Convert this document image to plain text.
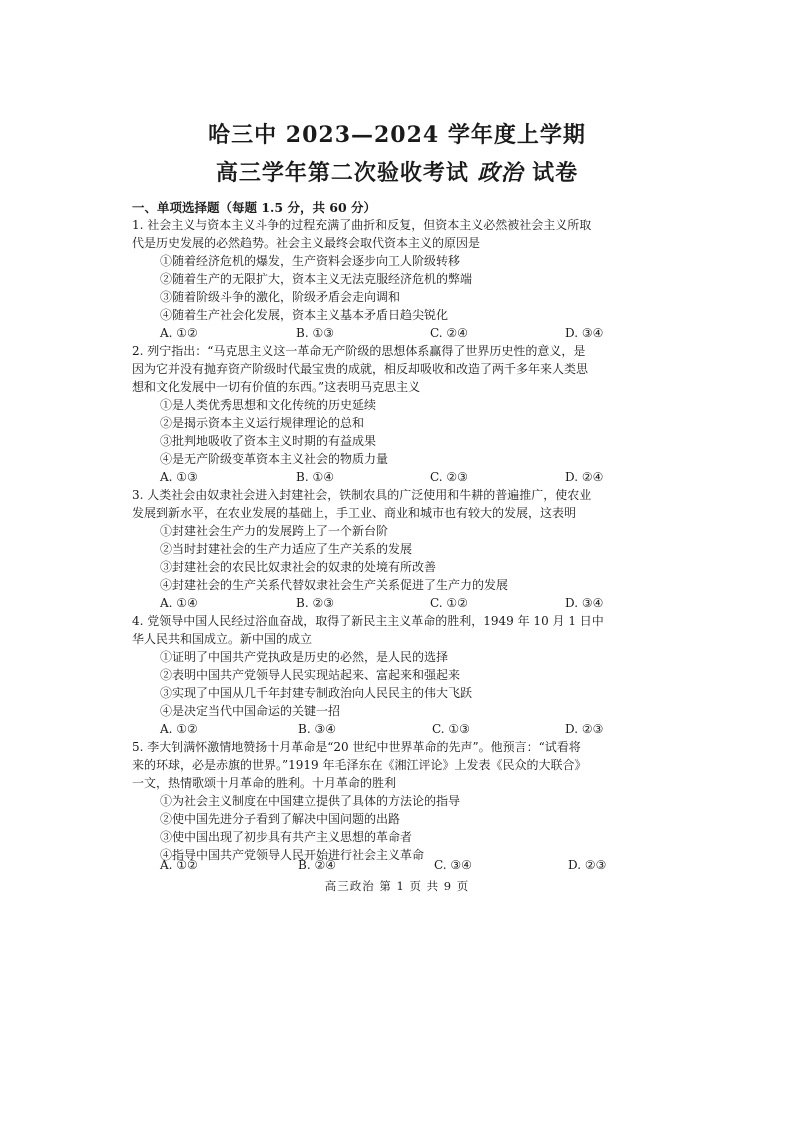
哈三中 2023—2024 学年度上学期
高三学年第二次验收考试 政治 试卷
一、单项选择题（每题 1.5 分，共 60 分）
1. 社会主义与资本主义斗争的过程充满了曲折和反复，但资本主义必然被社会主义所取
代是历史发展的必然趋势。社会主义最终会取代资本主义的原因是
①随着经济危机的爆发，生产资料会逐步向工人阶级转移
②随着生产的无限扩大，资本主义无法克服经济危机的弊端
③随着阶级斗争的激化，阶级矛盾会走向调和
④随着生产社会化发展，资本主义基本矛盾日趋尖锐化
A. ①②	B. ①③	C. ②④	D. ③④
2. 列宁指出：“马克思主义这一革命无产阶级的思想体系赢得了世界历史性的意义，是
因为它并没有抛弃资产阶级时代最宝贵的成就，相反却吸收和改造了两千多年来人类思
想和文化发展中一切有价值的东西。”这表明马克思主义
①是人类优秀思想和文化传统的历史延续
②是揭示资本主义运行规律理论的总和
③批判地吸收了资本主义时期的有益成果
④是无产阶级变革资本主义社会的物质力量
A. ①③	B. ①④	C. ②③	D. ②④
3. 人类社会由奴隶社会进入封建社会，铁制农具的广泛使用和牛耕的普遍推广，使农业
发展到新水平，在农业发展的基础上，手工业、商业和城市也有较大的发展，这表明
①封建社会生产力的发展跨上了一个新台阶
②当时封建社会的生产力适应了生产关系的发展
③封建社会的农民比奴隶社会的奴隶的处境有所改善
④封建社会的生产关系代替奴隶社会生产关系促进了生产力的发展
A. ①④	B. ②③	C. ①②	D. ③④
4. 党领导中国人民经过浴血奋战，取得了新民主主义革命的胜利，1949 年 10 月 1 日中
华人民共和国成立。新中国的成立
①证明了中国共产党执政是历史的必然，是人民的选择
②表明中国共产党领导人民实现站起来、富起来和强起来
③实现了中国从几千年封建专制政治向人民民主的伟大飞跃
④是决定当代中国命运的关键一招
A. ①②	B. ③④	C. ①③	D. ②③
5. 李大钊满怀激情地赞扬十月革命是“20 世纪中世界革命的先声”。他预言：“试看将
来的环球，必是赤旗的世界。”1919 年毛泽东在《湘江评论》上发表《民众的大联合》
一文，热情歌颂十月革命的胜利。十月革命的胜利
①为社会主义制度在中国建立提供了具体的方法论的指导
②使中国先进分子看到了解决中国问题的出路
③使中国出现了初步具有共产主义思想的革命者
④指导中国共产党领导人民开始进行社会主义革命
A. ①②	B. ②④	C. ③④	D. ②③
高三政治 第 1 页 共 9 页
